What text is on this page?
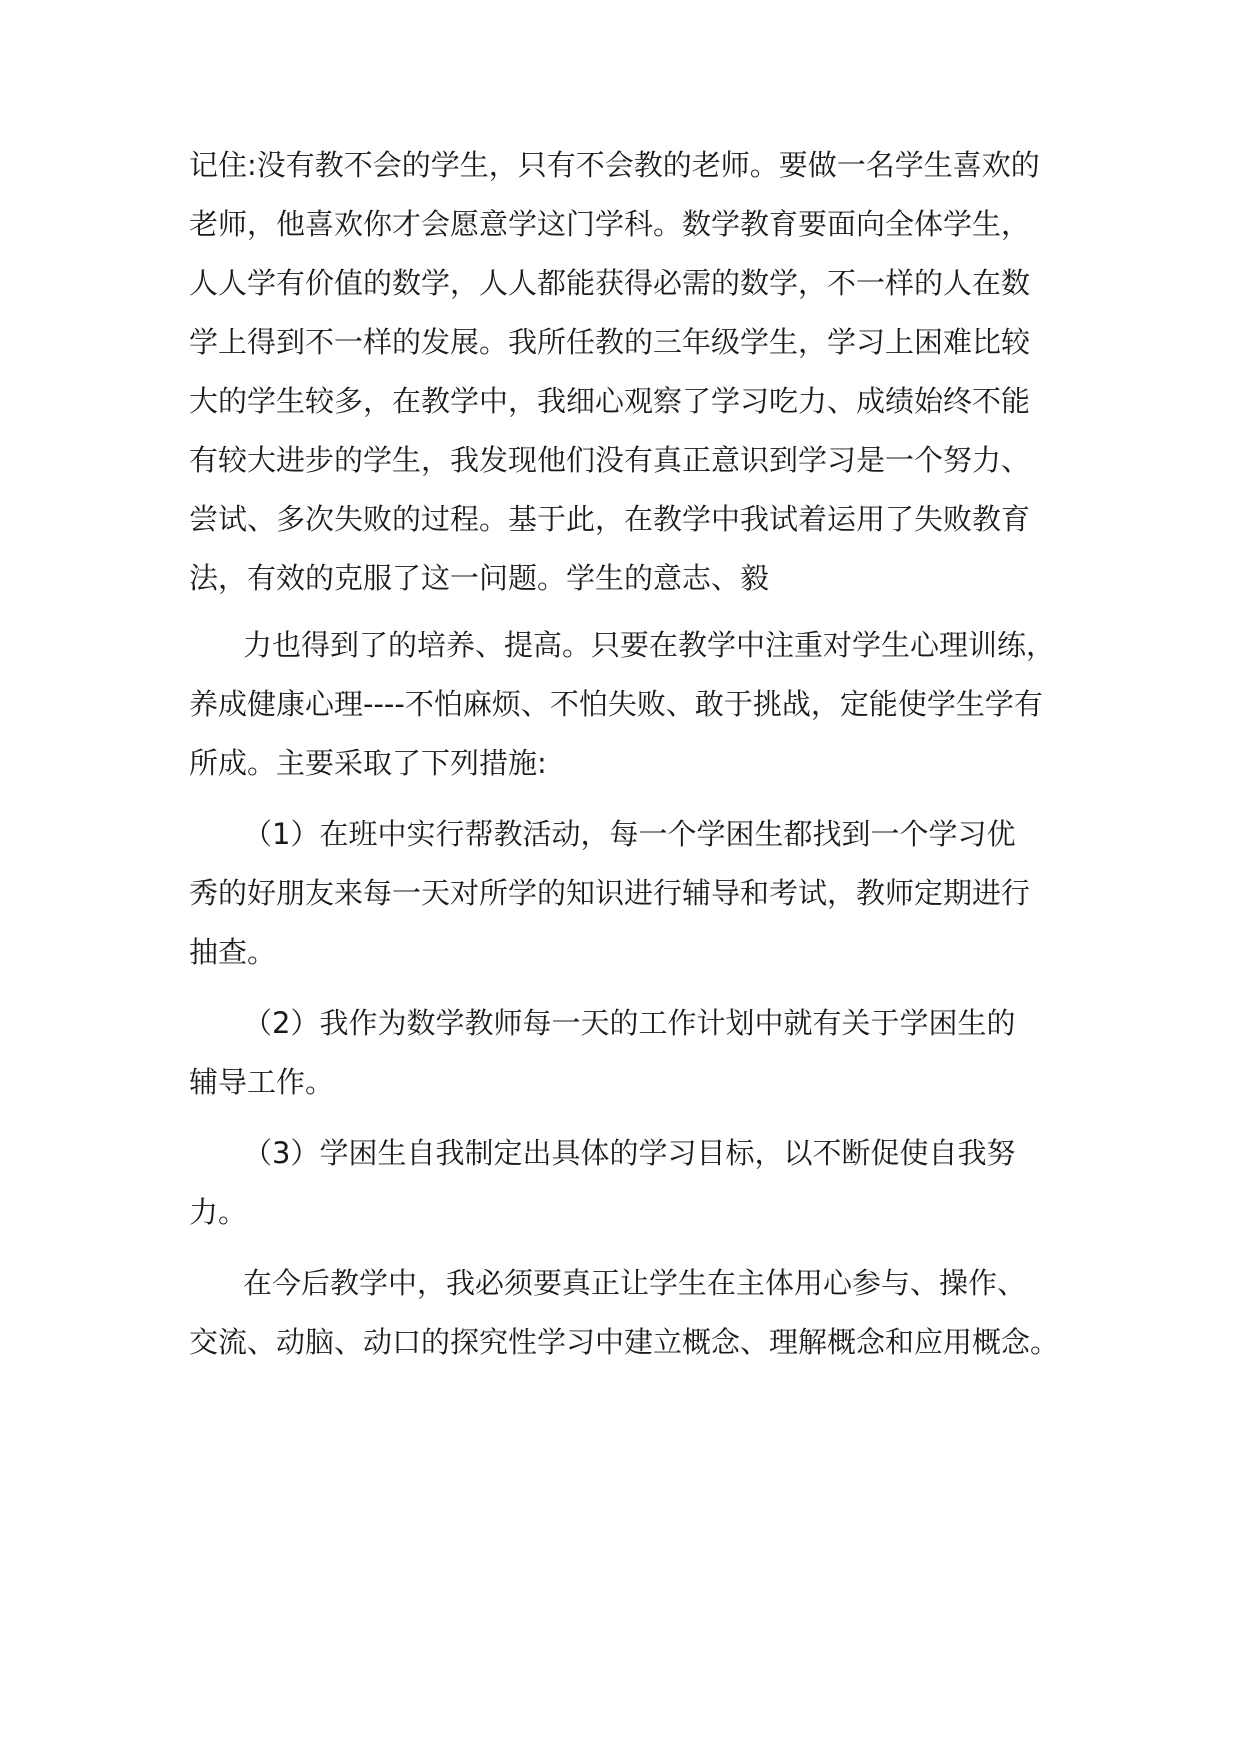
记住:没有教不会的学生，只有不会教的老师。要做一名学生喜欢的
老师，他喜欢你才会愿意学这门学科。数学教育要面向全体学生，
人人学有价值的数学，人人都能获得必需的数学，不一样的人在数
学上得到不一样的发展。我所任教的三年级学生，学习上困难比较
大的学生较多，在教学中，我细心观察了学习吃力、成绩始终不能
有较大进步的学生，我发现他们没有真正意识到学习是一个努力、
尝试、多次失败的过程。基于此，在教学中我试着运用了失败教育
法，有效的克服了这一问题。学生的意志、毅
力也得到了的培养、提高。只要在教学中注重对学生心理训练，
养成健康心理----不怕麻烦、不怕失败、敢于挑战，定能使学生学有
所成。主要采取了下列措施:
（1）在班中实行帮教活动，每一个学困生都找到一个学习优
秀的好朋友来每一天对所学的知识进行辅导和考试，教师定期进行
抽查。
（2）我作为数学教师每一天的工作计划中就有关于学困生的
辅导工作。
（3）学困生自我制定出具体的学习目标，以不断促使自我努
力。
在今后教学中，我必须要真正让学生在主体用心参与、操作、
交流、动脑、动口的探究性学习中建立概念、理解概念和应用概念。
